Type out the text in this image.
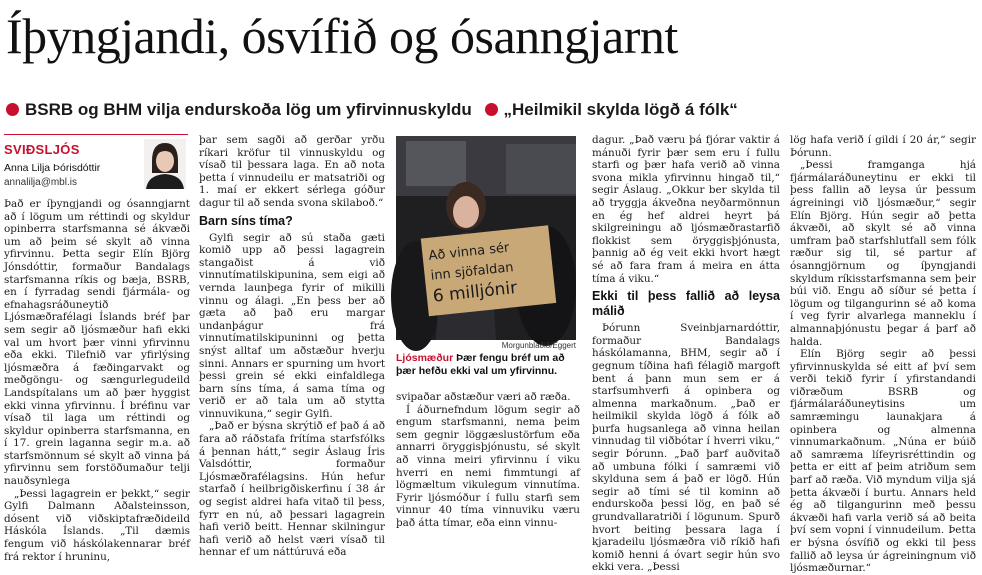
Íþyngjandi, ósvífið og ósanngjarnt
BSRB og BHM vilja endurskoða lög um yfirvinnuskyldu „Heilmikil skylda lögð á fólk“
SVIÐSLJÓS
Anna Lilja Þórisdóttir
annalilja@mbl.is

Það er íþyngjandi og ósanngjarnt að í lögum um réttindi og skyldur opinberra starfsmanna sé ákvæði um að þeim sé skylt að vinna yfirvinnu. Þetta segir Elín Björg Jónsdóttir, formaður Bandalags starfsmanna ríkis og bæja, BSRB, en í fyrradag sendi fjármála- og efnahagsráðuneytið Ljósmæðrafélagi Íslands bréf þar sem segir að ljósmæður hafi ekki val um hvort þær vinni yfirvinnu eða ekki. Tilefnið var yfirlýsing ljósmæðra á fæðingarvakt og meðgöngu- og sængurlegudeild Landspítalans um að þær hyggist ekki vinna yfirvinnu. Í bréfinu var vísað til laga um réttindi og skyldur opinberra starfsmanna, en í 17. grein laganna segir m.a. að starfsmönnum sé skylt að vinna þá yfirvinnu sem forstöðumaður telji nauðsynlega

„Þessi lagagrein er þekkt,“ segir Gylfi Dalmann Aðalsteinsson, dósent við viðskiptafræðideild Háskóla Íslands. „Til dæmis fengum við háskólakennarar bréf frá rektor í hruninu,

þar sem sagði að gerðar yrðu ríkari kröfur til vinnuskyldu og vísað til þessara laga. En að nota þetta í vinnudeilu er matsatriði og 1. maí er ekkert sérlega góður dagur til að senda svona skilaboð.“

Barn síns tíma?

Gylfi segir að sú staða gæti komið upp að þessi lagagrein stangaðist á við vinnutímatilskipunina, sem eigi að vernda launþega fyrir of mikilli vinnu og álagi. „En þess ber að gæta að það eru margar undanþágur frá vinnutímatilskipuninni og þetta snýst alltaf um aðstæður hverju sinni. Annars er spurning um hvort þessi grein sé ekki einfaldlega barn síns tíma, á sama tíma og verið er að tala um að stytta vinnuvikuna,“ segir Gylfi.

„Það er býsna skrýtið ef það á að fara að ráðstafa frítíma starfsfólks á þennan hátt,“ segir Áslaug Íris Valsdóttir, formaður Ljósmæðrafélagsins. Hún hefur starfað í heilbrigðiskerfinu í 38 ár og segist aldrei hafa vitað til þess, fyrr en nú, að þessari lagagrein hafi verið beitt. Hennar skilningur hafi verið að helst væri vísað til hennar ef um náttúruvá eða

Að vinna sér
inn sjöfaldan
6 milljónir
Morgunblaðið/Eggert
Ljósmæður Þær fengu bréf um að þær hefðu ekki val um yfirvinnu.

svipaðar aðstæður væri að ræða.

Í áðurnefndum lögum segir að engum starfsmanni, nema þeim sem gegnir löggæslustörfum eða annarri öryggisþjónustu, sé skylt að vinna meiri yfirvinnu í viku hverri en nemi fimmtungi af lögmæltum vikulegum vinnutíma. Fyrir ljósmóður í fullu starfi sem vinnur 40 tíma vinnuviku væru það átta tímar, eða einn vinnu-

dagur. „Það væru þá fjórar vaktir á mánuði fyrir þær sem eru í fullu starfi og þær hafa verið að vinna svona mikla yfirvinnu hingað til,“ segir Áslaug. „Okkur ber skylda til að tryggja ákveðna neyðarmönnun en ég hef aldrei heyrt þá skilgreiningu að ljósmæðrastarfið flokkist sem öryggisþjónusta, þannig að ég veit ekki hvort hægt sé að fara fram á meira en átta tíma á viku.“

Ekki til þess fallið að leysa málið

Þórunn Sveinbjarnardóttir, formaður Bandalags háskólamanna, BHM, segir að í gegnum tíðina hafi félagið margoft bent á þann mun sem er á starfsumhverfi á opinbera og almenna markaðnum. „Það er heilmikil skylda lögð á fólk að þurfa hugsanlega að vinna heilan vinnudag til viðbótar í hverri viku,“ segir Þórunn. „Það þarf auðvitað að umbuna fólki í samræmi við skylduna sem á það er lögð. Hún segir að tími sé til kominn að endurskoða þessi lög, en það sé grundvallaratriði í lögunum. Spurð hvort beiting þessara laga í kjaradeilu ljósmæðra við ríkið hafi komið henni á óvart segir hún svo ekki vera. „Þessi

lög hafa verið í gildi í 20 ár,“ segir Þórunn.

„Þessi framganga hjá fjármálaráðuneytinu er ekki til þess fallin að leysa úr þessum ágreiningi við ljósmæður,“ segir Elín Björg. Hún segir að þetta ákvæði, að skylt sé að vinna umfram það starfshlutfall sem fólk ræður sig til, sé partur af ósanngjörnum og íþyngjandi skyldum ríkisstarfsmanna sem þeir búi við. Engu að síður sé þetta í lögum og tilgangurinn sé að koma í veg fyrir alvarlega manneklu í almannaþjónustu þegar á þarf að halda.

Elín Björg segir að þessi yfirvinnuskylda sé eitt af því sem verði tekið fyrir í yfirstandandi viðræðum BSRB og fjármálaráðuneytisins um samræmingu launakjara á opinbera og almenna vinnumarkaðnum. „Núna er búið að samræma lífeyrisréttindin og þetta er eitt af þeim atriðum sem þarf að ræða. Við myndum vilja sjá þetta ákvæði í burtu. Annars held ég að tilgangurinn með þessu ákvæði hafi varla verið sá að beita því sem vopni í vinnudeilum. Þetta er býsna ósvífið og ekki til þess fallið að leysa úr ágreiningnum við ljósmæðurnar.“
